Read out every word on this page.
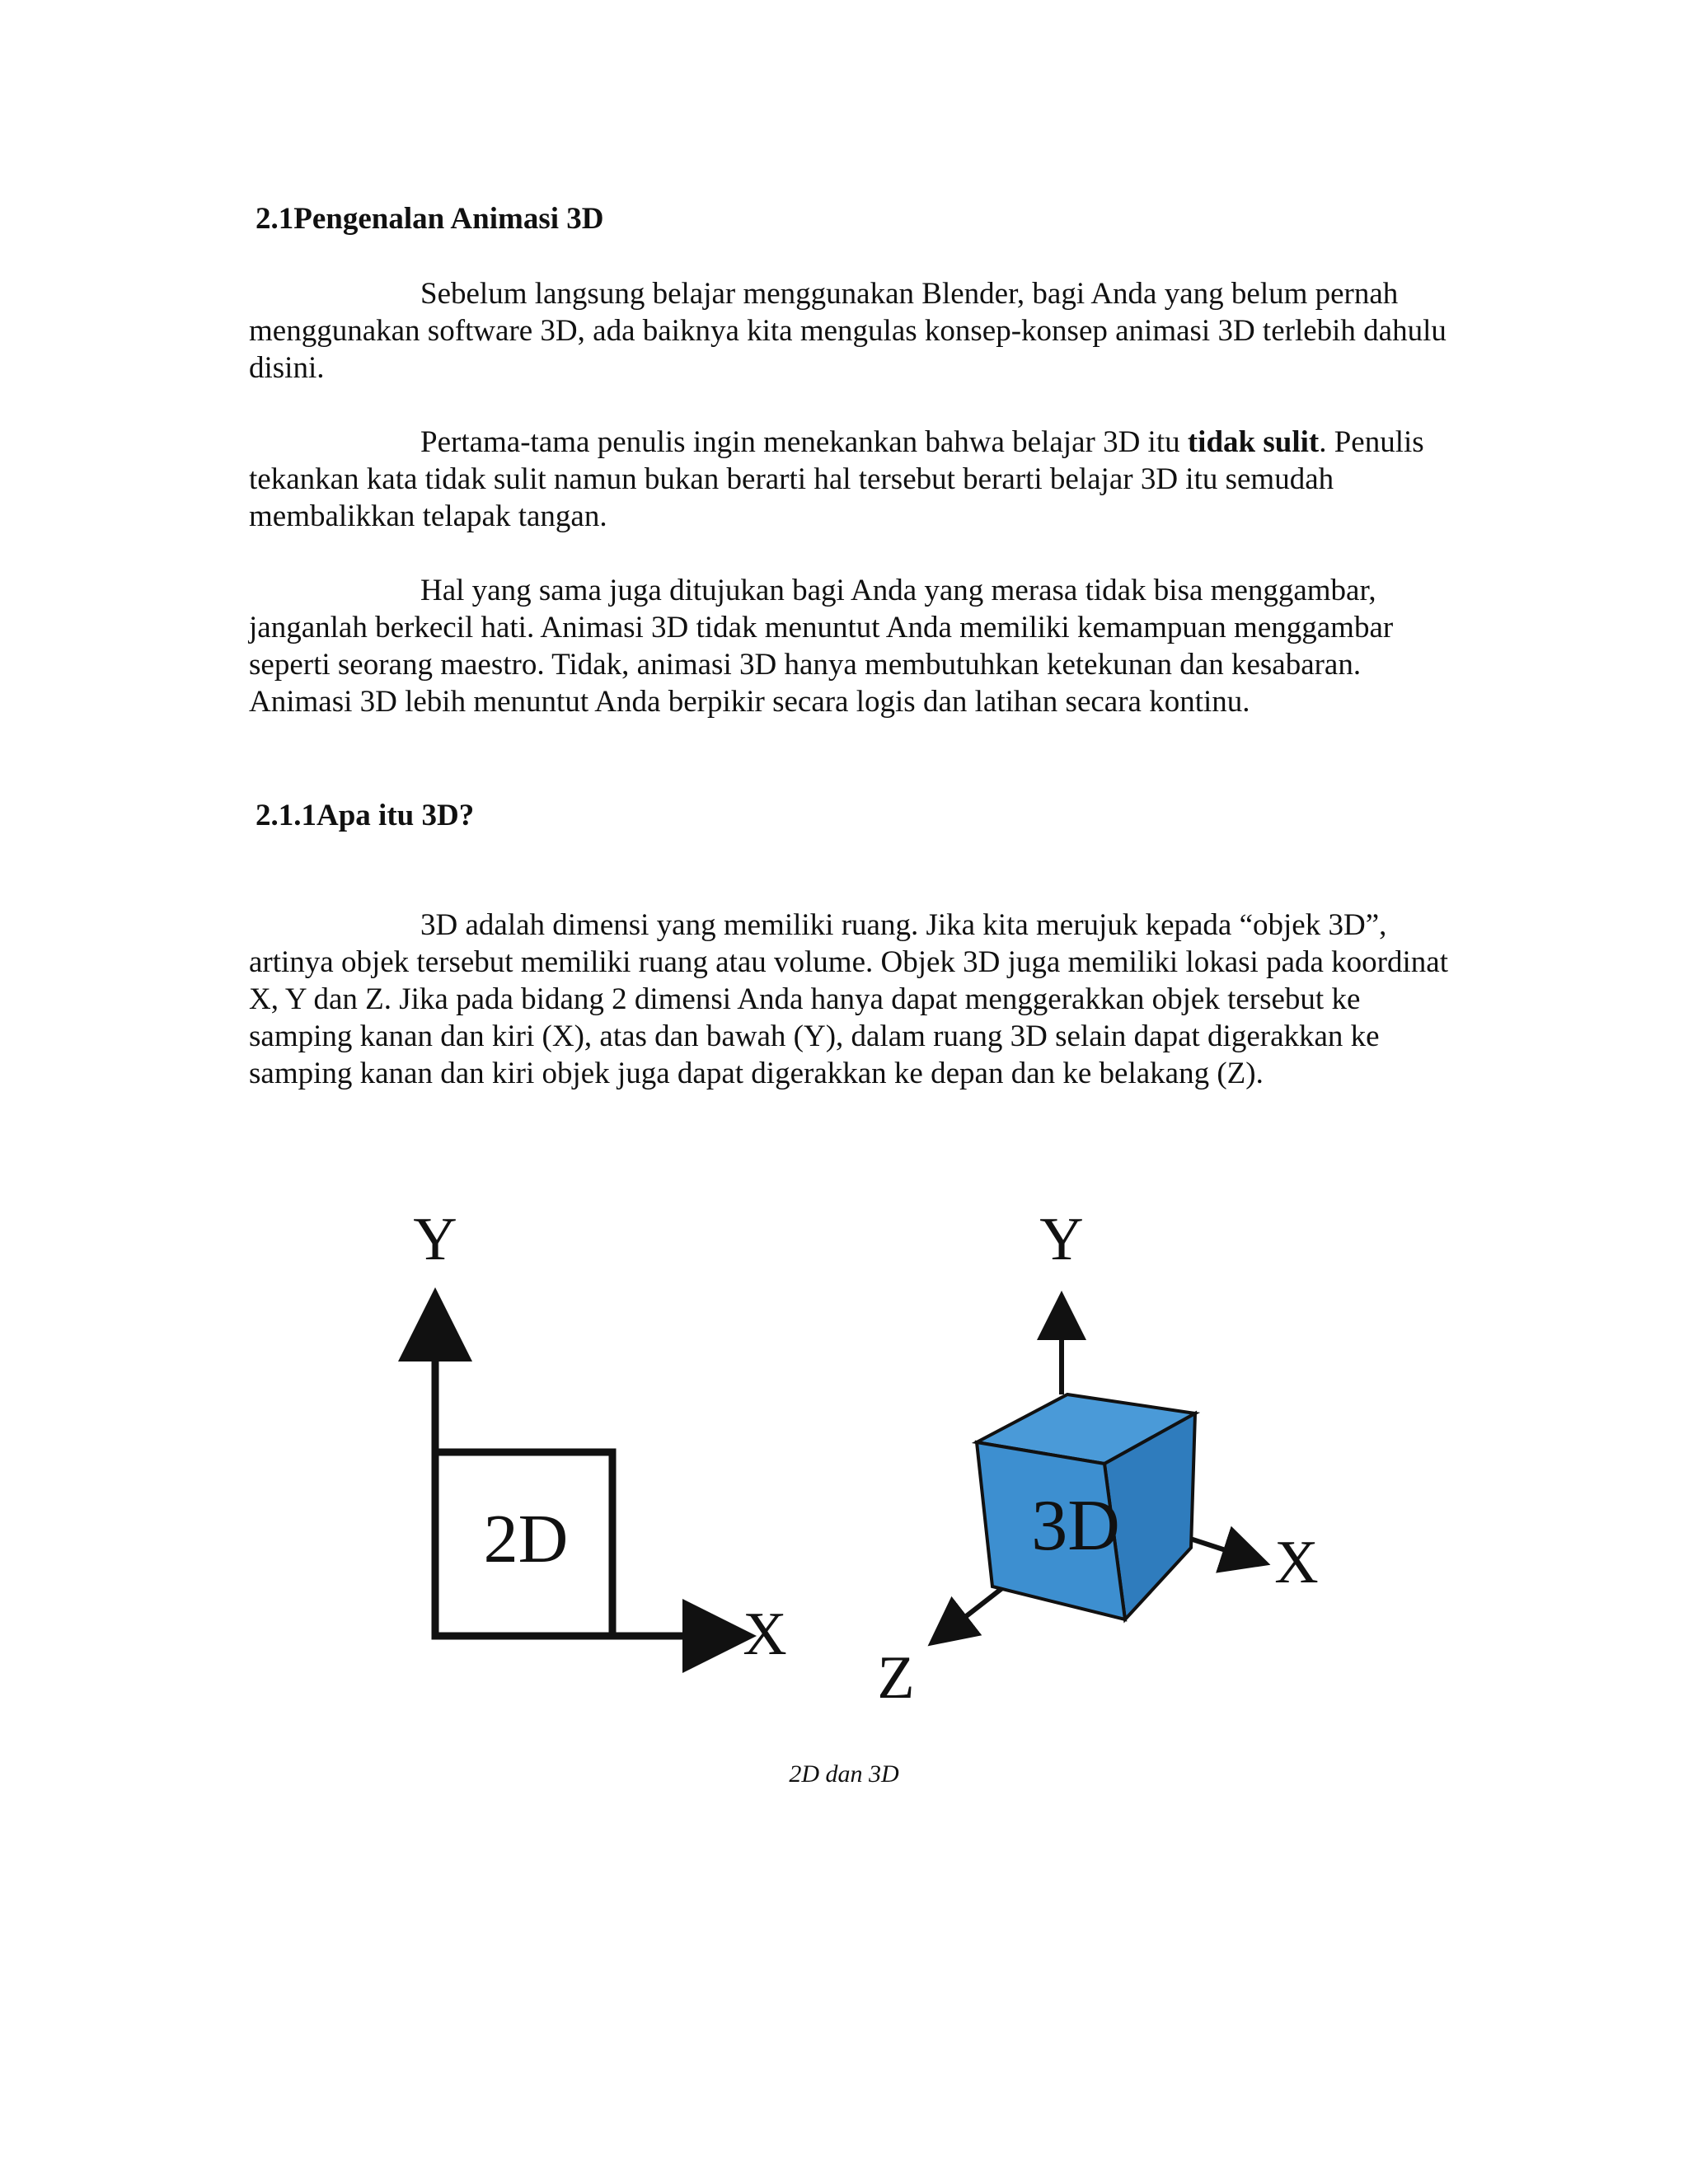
2.1Pengenalan Animasi 3D

Sebelum langsung belajar menggunakan Blender, bagi Anda yang belum pernah menggunakan software 3D, ada baiknya kita mengulas konsep-konsep animasi 3D terlebih dahulu disini.

Pertama-tama penulis ingin menekankan bahwa belajar 3D itu tidak sulit. Penulis tekankan kata tidak sulit namun bukan berarti hal tersebut berarti belajar 3D itu semudah membalikkan telapak tangan.

Hal yang sama juga ditujukan bagi Anda yang merasa tidak bisa menggambar, janganlah berkecil hati. Animasi 3D tidak menuntut Anda memiliki kemampuan menggambar seperti seorang maestro. Tidak, animasi 3D hanya membutuhkan ketekunan dan kesabaran. Animasi 3D lebih menuntut Anda berpikir secara logis dan latihan secara kontinu.

2.1.1Apa itu 3D?

3D adalah dimensi yang memiliki ruang. Jika kita merujuk kepada “objek 3D”, artinya objek tersebut memiliki ruang atau volume. Objek 3D juga memiliki lokasi pada koordinat X, Y dan Z. Jika pada bidang 2 dimensi Anda hanya dapat menggerakkan objek tersebut ke samping kanan dan kiri (X), atas dan bawah (Y), dalam ruang 3D selain dapat digerakkan ke samping kanan dan kiri objek juga dapat digerakkan ke depan dan ke belakang (Z).

2D
Y
X
3D
Y
X
Z
2D dan 3D
